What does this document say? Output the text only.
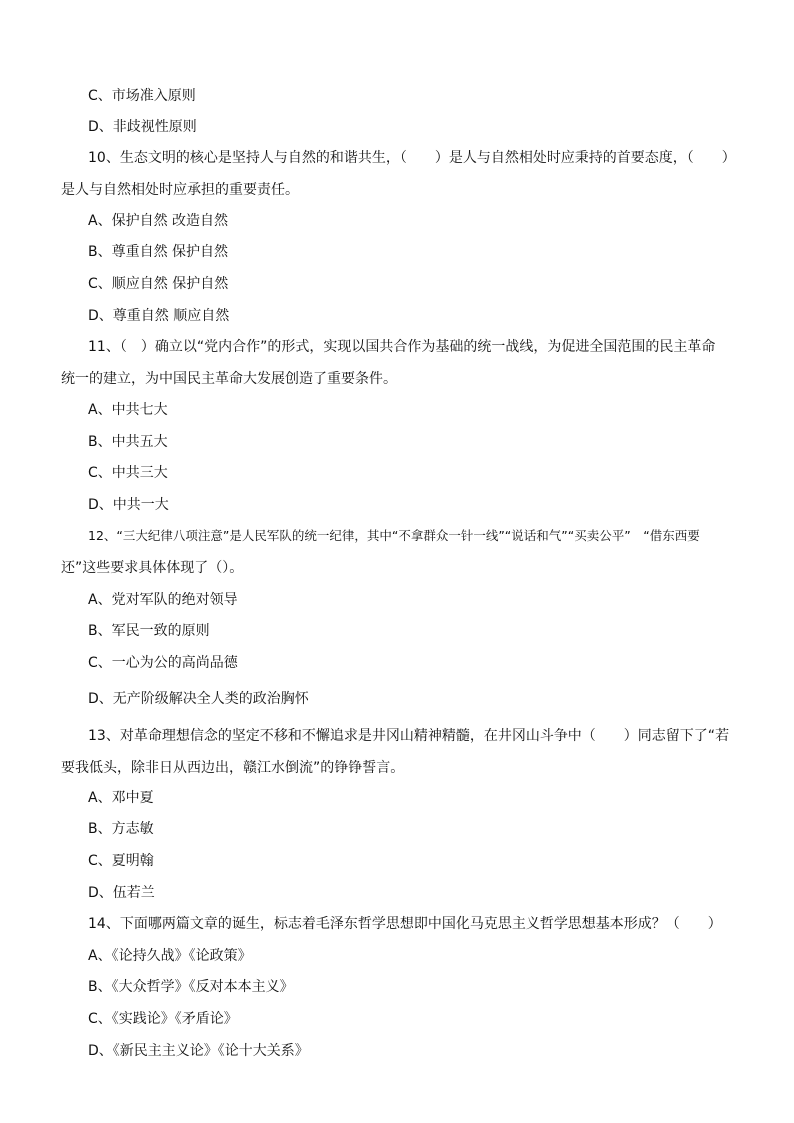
C、市场准入原则
D、非歧视性原则
10、生态文明的核心是坚持人与自然的和谐共生，（　　）是人与自然相处时应秉持的首要态度，（　　）
是人与自然相处时应承担的重要责任。
A、保护自然 改造自然
B、尊重自然 保护自然
C、顺应自然 保护自然
D、尊重自然 顺应自然
11、（　）确立以“党内合作”的形式，实现以国共合作为基础的统一战线，为促进全国范围的民主革命
统一的建立，为中国民主革命大发展创造了重要条件。
A、中共七大
B、中共五大
C、中共三大
D、中共一大
12、“三大纪律八项注意”是人民军队的统一纪律，其中“不拿群众一针一线”“说话和气”“买卖公平”　“借东西要
还”这些要求具体体现了（）。
A、党对军队的绝对领导
B、军民一致的原则
C、一心为公的高尚品德
D、无产阶级解决全人类的政治胸怀
13、对革命理想信念的坚定不移和不懈追求是井冈山精神精髓，在井冈山斗争中（　　）同志留下了“若
要我低头，除非日从西边出，赣江水倒流”的铮铮誓言。
A、邓中夏
B、方志敏
C、夏明翰
D、伍若兰
14、下面哪两篇文章的诞生，标志着毛泽东哲学思想即中国化马克思主义哲学思想基本形成？（　　）
A、《论持久战》《论政策》
B、《大众哲学》《反对本本主义》
C、《实践论》《矛盾论》
D、《新民主主义论》《论十大关系》
